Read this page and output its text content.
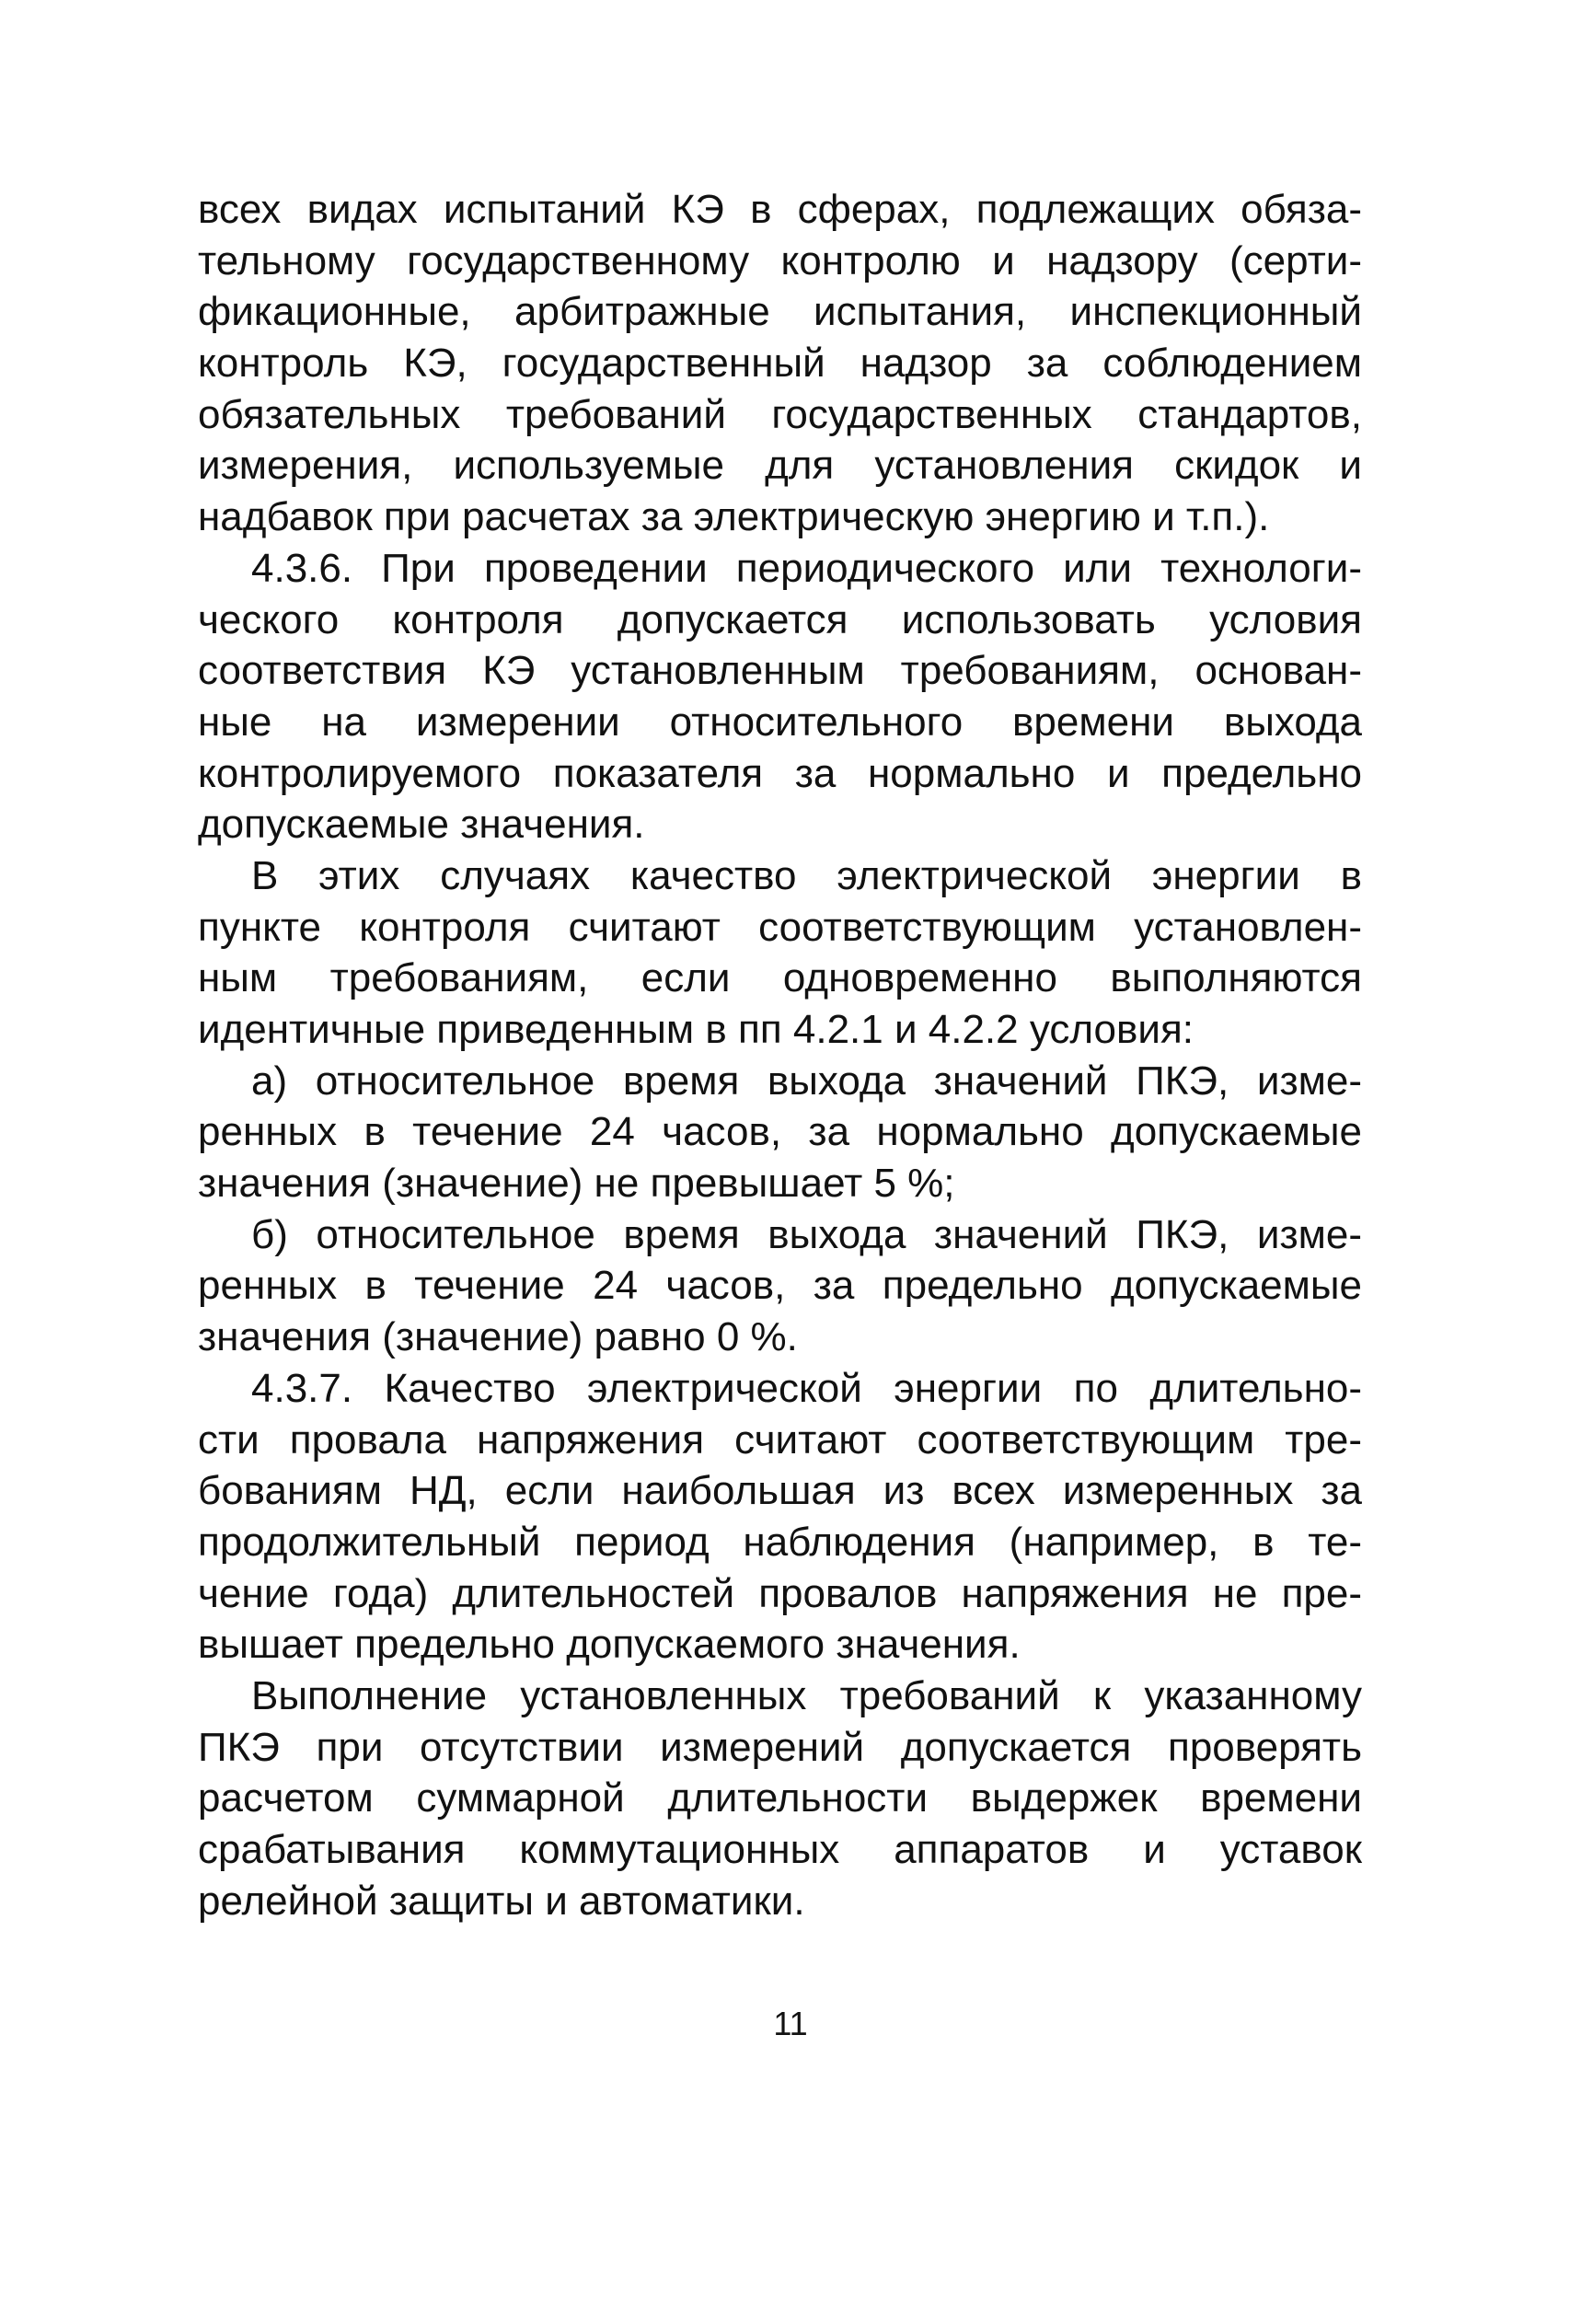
всех видах испытаний КЭ в сферах, подлежащих обяза-
тельному государственному контролю и надзору (серти-
фикационные, арбитражные испытания, инспекционный
контроль КЭ, государственный надзор за соблюдением
обязательных требований государственных стандартов,
измерения, используемые для установления скидок и
надбавок при расчетах за электрическую энергию и т.п.).
4.3.6. При проведении периодического или технологи-
ческого контроля допускается использовать условия
соответствия КЭ установленным требованиям, основан-
ные на измерении относительного времени выхода
контролируемого показателя за нормально и предельно
допускаемые значения.
В этих случаях качество электрической энергии в
пункте контроля считают соответствующим установлен-
ным требованиям, если одновременно выполняются
идентичные приведенным в пп 4.2.1 и 4.2.2 условия:
а) относительное время выхода значений ПКЭ, изме-
ренных в течение 24 часов, за нормально допускаемые
значения (значение) не превышает 5 %;
б) относительное время выхода значений ПКЭ, изме-
ренных в течение 24 часов, за предельно допускаемые
значения (значение) равно 0 %.
4.3.7. Качество электрической энергии по длительно-
сти провала напряжения считают соответствующим тре-
бованиям НД, если наибольшая из всех измеренных за
продолжительный период наблюдения (например, в те-
чение года) длительностей провалов напряжения не пре-
вышает предельно допускаемого значения.
Выполнение установленных требований к указанному
ПКЭ при отсутствии измерений допускается проверять
расчетом суммарной длительности выдержек времени
срабатывания коммутационных аппаратов и уставок
релейной защиты и автоматики.
11
